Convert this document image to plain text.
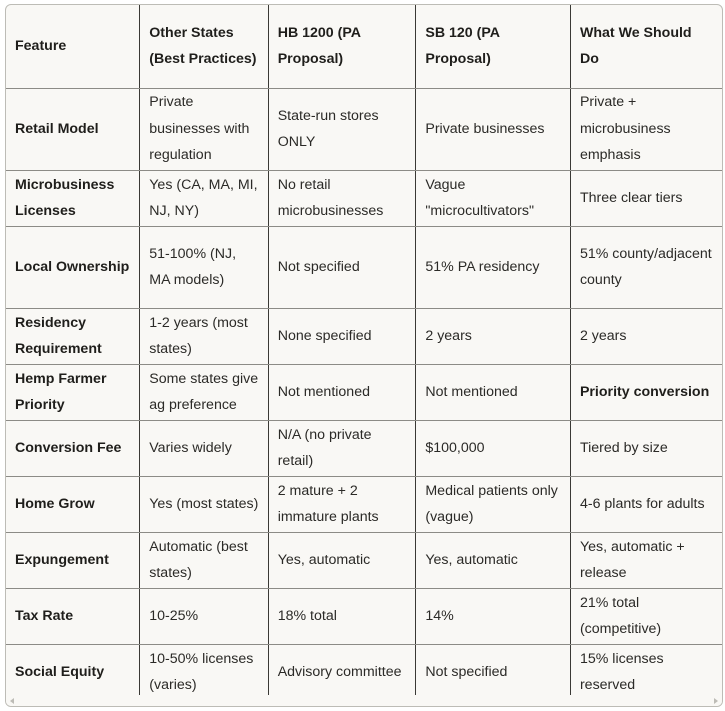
Feature	Other States (Best Practices)	HB 1200 (PA Proposal)	SB 120 (PA Proposal)	What We Should Do
Retail Model	Private businesses with regulation	State-run stores ONLY	Private businesses	Private + microbusiness emphasis
Microbusiness Licenses	Yes (CA, MA, MI, NJ, NY)	No retail microbusinesses	Vague "microcultivators"	Three clear tiers
Local Ownership	51-100% (NJ, MA models)	Not specified	51% PA residency	51% county/adjacent county
Residency Requirement	1-2 years (most states)	None specified	2 years	2 years
Hemp Farmer Priority	Some states give ag preference	Not mentioned	Not mentioned	Priority conversion
Conversion Fee	Varies widely	N/A (no private retail)	$100,000	Tiered by size
Home Grow	Yes (most states)	2 mature + 2 immature plants	Medical patients only (vague)	4-6 plants for adults
Expungement	Automatic (best states)	Yes, automatic	Yes, automatic	Yes, automatic + release
Tax Rate	10-25%	18% total	14%	21% total (competitive)
Social Equity	10-50% licenses (varies)	Advisory committee	Not specified	15% licenses reserved
